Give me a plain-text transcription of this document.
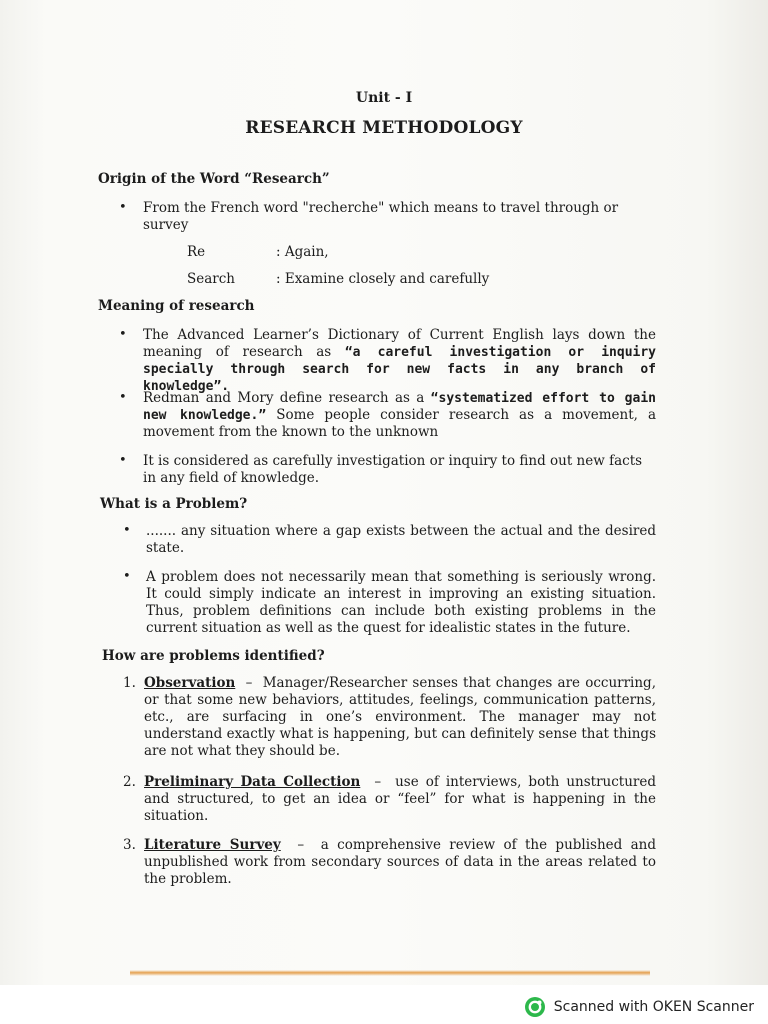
Unit - I
RESEARCH METHODOLOGY
Origin of the Word “Research”
• From the French word "recherche" which means to travel through or survey
Re	: Again,
Search	: Examine closely and carefully
Meaning of research
• The Advanced Learner’s Dictionary of Current English lays down the meaning of research as “a careful investigation or inquiry specially through search for new facts in any branch of knowledge”.
• Redman and Mory define research as a “systematized effort to gain new knowledge.” Some people consider research as a movement, a movement from the known to the unknown
• It is considered as carefully investigation or inquiry to find out new facts in any field of knowledge.
What is a Problem?
• ....... any situation where a gap exists between the actual and the desired state.
• A problem does not necessarily mean that something is seriously wrong. It could simply indicate an interest in improving an existing situation. Thus, problem definitions can include both existing problems in the current situation as well as the quest for idealistic states in the future.
How are problems identified?
1. Observation  –  Manager/Researcher senses that changes are occurring, or that some new behaviors, attitudes, feelings, communication patterns, etc., are surfacing in one’s environment. The manager may not understand exactly what is happening, but can definitely sense that things are not what they should be.
2. Preliminary Data Collection  –  use of interviews, both unstructured and structured, to get an idea or “feel” for what is happening in the situation.
3. Literature Survey  –  a comprehensive review of the published and unpublished work from secondary sources of data in the areas related to the problem.
Scanned with OKEN Scanner
